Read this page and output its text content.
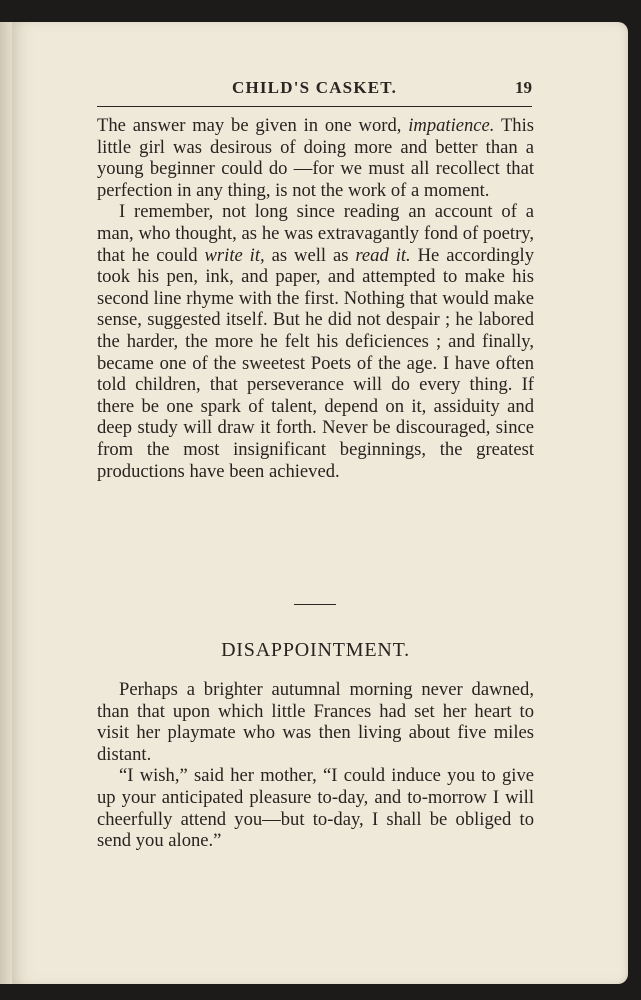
CHILD'S CASKET.	19

The answer may be given in one word, impatience. This little girl was desirous of doing more and better than a young beginner could do —for we must all recollect that perfection in any thing, is not the work of a moment.

I remember, not long since reading an account of a man, who thought, as he was extravagantly fond of poetry, that he could write it, as well as read it. He accordingly took his pen, ink, and paper, and attempted to make his second line rhyme with the first. Nothing that would make sense, suggested itself. But he did not despair ; he labored the harder, the more he felt his deficiences ; and finally, became one of the sweetest Poets of the age. I have often told children, that perseverance will do every thing. If there be one spark of talent, depend on it, assiduity and deep study will draw it forth. Never be discouraged, since from the most insignificant beginnings, the greatest productions have been achieved.

DISAPPOINTMENT.

Perhaps a brighter autumnal morning never dawned, than that upon which little Frances had set her heart to visit her playmate who was then living about five miles distant.

“I wish,” said her mother, “I could induce you to give up your anticipated pleasure to-day, and to-morrow I will cheerfully attend you—but to-day, I shall be obliged to send you alone.”
